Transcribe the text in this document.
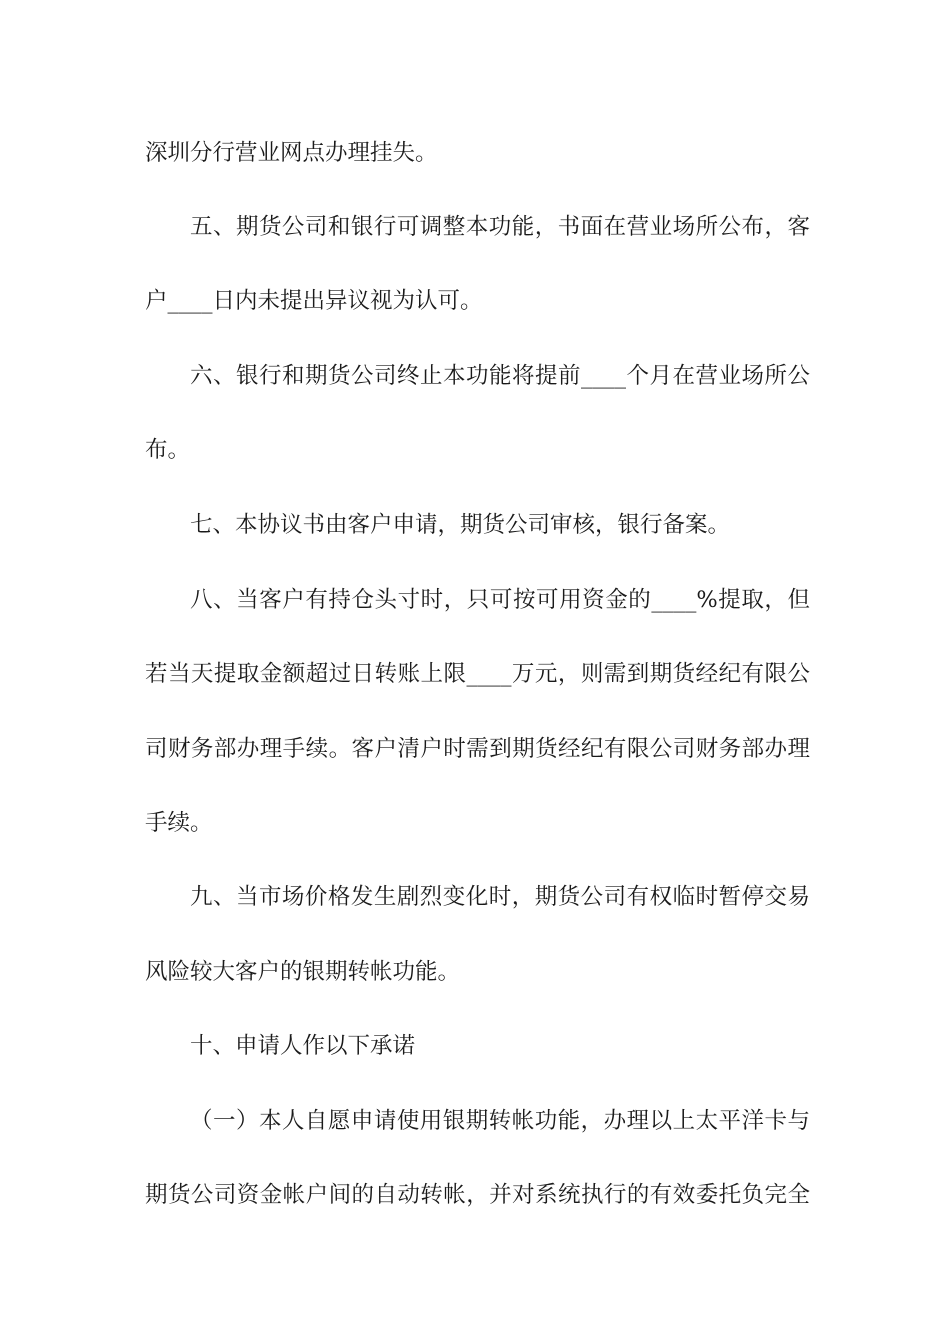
深圳分行营业网点办理挂失。
五、期货公司和银行可调整本功能，书面在营业场所公布，客
户____日内未提出异议视为认可。
六、银行和期货公司终止本功能将提前____个月在营业场所公
布。
七、本协议书由客户申请，期货公司审核，银行备案。
八、当客户有持仓头寸时，只可按可用资金的____%提取，但
若当天提取金额超过日转账上限____万元，则需到期货经纪有限公
司财务部办理手续。客户清户时需到期货经纪有限公司财务部办理
手续。
九、当市场价格发生剧烈变化时，期货公司有权临时暂停交易
风险较大客户的银期转帐功能。
十、申请人作以下承诺
（一）本人自愿申请使用银期转帐功能，办理以上太平洋卡与
期货公司资金帐户间的自动转帐，并对系统执行的有效委托负完全
